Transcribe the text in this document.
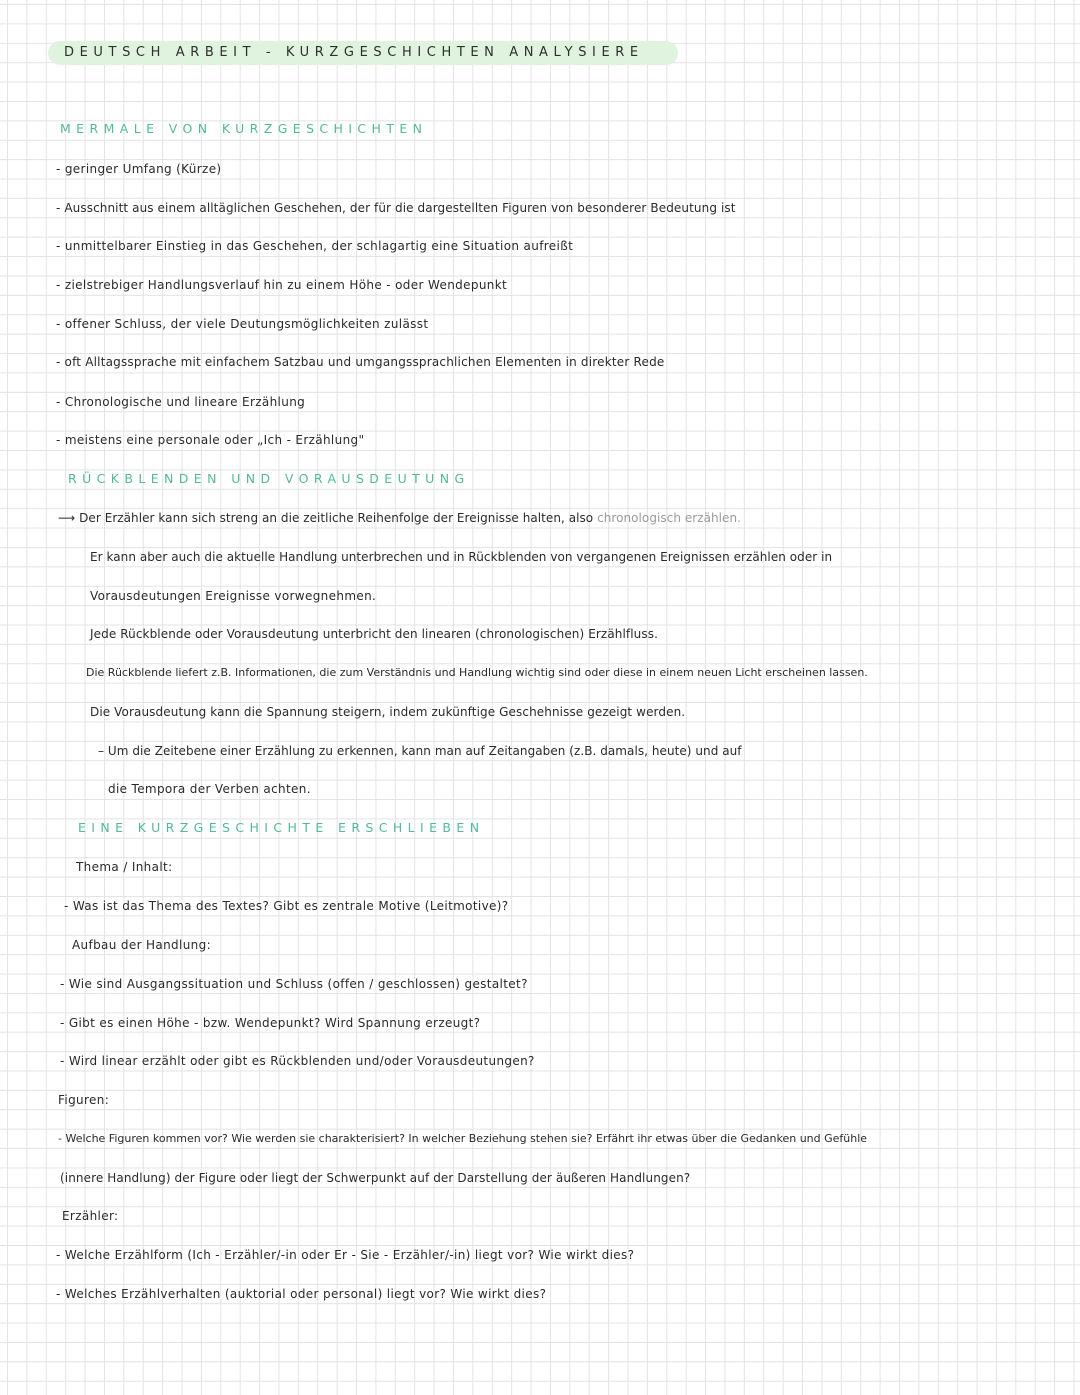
DEUTSCH ARBEIT - KURZGESCHICHTEN ANALYSIERE
MERMALE VON KURZGESCHICHTEN
- geringer Umfang (Kürze)
- Ausschnitt aus einem alltäglichen Geschehen, der für die dargestellten Figuren von besonderer Bedeutung ist
- unmittelbarer Einstieg in das Geschehen, der schlagartig eine Situation aufreißt
- zielstrebiger Handlungsverlauf hin zu einem Höhe - oder Wendepunkt
- offener Schluss, der viele Deutungsmöglichkeiten zulässt
- oft Alltagssprache mit einfachem Satzbau und umgangssprachlichen Elementen in direkter Rede
- Chronologische und lineare Erzählung
- meistens eine personale oder „Ich - Erzählung"
RÜCKBLENDEN UND VORAUSDEUTUNG
⟶ Der Erzähler kann sich streng an die zeitliche Reihenfolge der Ereignisse halten, also chronologisch erzählen.
Er kann aber auch die aktuelle Handlung unterbrechen und in Rückblenden von vergangenen Ereignissen erzählen oder in
Vorausdeutungen Ereignisse vorwegnehmen.
Jede Rückblende oder Vorausdeutung unterbricht den linearen (chronologischen) Erzählfluss.
Die Rückblende liefert z.B. Informationen, die zum Verständnis und Handlung wichtig sind oder diese in einem neuen Licht erscheinen lassen.
Die Vorausdeutung kann die Spannung steigern, indem zukünftige Geschehnisse gezeigt werden.
– Um die Zeitebene einer Erzählung zu erkennen, kann man auf Zeitangaben (z.B. damals, heute) und auf
die Tempora der Verben achten.
EINE KURZGESCHICHTE ERSCHLIEBEN
Thema / Inhalt:
- Was ist das Thema des Textes? Gibt es zentrale Motive (Leitmotive)?
Aufbau der Handlung:
- Wie sind Ausgangssituation und Schluss (offen / geschlossen) gestaltet?
- Gibt es einen Höhe - bzw. Wendepunkt? Wird Spannung erzeugt?
- Wird linear erzählt oder gibt es Rückblenden und/oder Vorausdeutungen?
Figuren:
- Welche Figuren kommen vor? Wie werden sie charakterisiert? In welcher Beziehung stehen sie? Erfährt ihr etwas über die Gedanken und Gefühle
(innere Handlung) der Figure oder liegt der Schwerpunkt auf der Darstellung der äußeren Handlungen?
Erzähler:
- Welche Erzählform (Ich - Erzähler/-in oder Er - Sie - Erzähler/-in) liegt vor? Wie wirkt dies?
- Welches Erzählverhalten (auktorial oder personal) liegt vor? Wie wirkt dies?
